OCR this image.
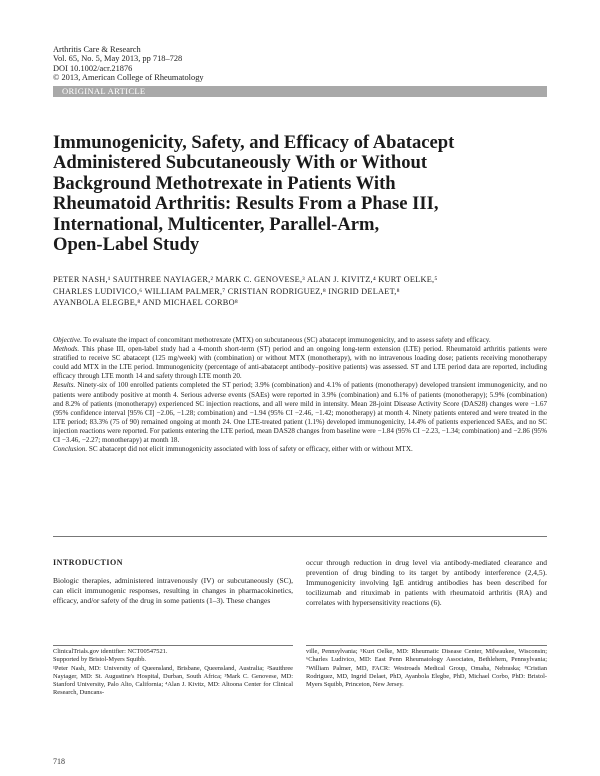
Arthritis Care & Research
Vol. 65, No. 5, May 2013, pp 718–728
DOI 10.1002/acr.21876
© 2013, American College of Rheumatology
ORIGINAL ARTICLE
Immunogenicity, Safety, and Efficacy of Abatacept
Administered Subcutaneously With or Without
Background Methotrexate in Patients With
Rheumatoid Arthritis: Results From a Phase III,
International, Multicenter, Parallel-Arm,
Open-Label Study
PETER NASH,¹ SAUITHREE NAYIAGER,² MARK C. GENOVESE,³ ALAN J. KIVITZ,⁴ KURT OELKE,⁵
CHARLES LUDIVICO,⁶ WILLIAM PALMER,⁷ CRISTIAN RODRIGUEZ,⁸ INGRID DELAET,⁸
AYANBOLA ELEGBE,⁸ AND MICHAEL CORBO⁸

Objective. To evaluate the impact of concomitant methotrexate (MTX) on subcutaneous (SC) abatacept immunogenicity, and to assess safety and efficacy.

Methods. This phase III, open-label study had a 4-month short-term (ST) period and an ongoing long-term extension (LTE) period. Rheumatoid arthritis patients were stratified to receive SC abatacept (125 mg/week) with (combination) or without MTX (monotherapy), with no intravenous loading dose; patients receiving monotherapy could add MTX in the LTE period. Immunogenicity (percentage of anti-abatacept antibody–positive patients) was assessed. ST and LTE period data are reported, including efficacy through LTE month 14 and safety through LTE month 20.

Results. Ninety-six of 100 enrolled patients completed the ST period; 3.9% (combination) and 4.1% of patients (monotherapy) developed transient immunogenicity, and no patients were antibody positive at month 4. Serious adverse events (SAEs) were reported in 3.9% (combination) and 6.1% of patients (monotherapy); 5.9% (combination) and 8.2% of patients (monotherapy) experienced SC injection reactions, and all were mild in intensity. Mean 28-joint Disease Activity Score (DAS28) changes were −1.67 (95% confidence interval [95% CI] −2.06, −1.28; combination) and −1.94 (95% CI −2.46, −1.42; monotherapy) at month 4. Ninety patients entered and were treated in the LTE period; 83.3% (75 of 90) remained ongoing at month 24. One LTE-treated patient (1.1%) developed immunogenicity, 14.4% of patients experienced SAEs, and no SC injection reactions were reported. For patients entering the LTE period, mean DAS28 changes from baseline were −1.84 (95% CI −2.23, −1.34; combination) and −2.86 (95% CI −3.46, −2.27; monotherapy) at month 18.

Conclusion. SC abatacept did not elicit immunogenicity associated with loss of safety or efficacy, either with or without MTX.

INTRODUCTION

Biologic therapies, administered intravenously (IV) or subcutaneously (SC), can elicit immunogenic responses, resulting in changes in pharmacokinetics, efficacy, and/or safety of the drug in some patients (1–3). These changes

occur through reduction in drug level via antibody-mediated clearance and prevention of drug binding to its target by antibody interference (2,4,5). Immunogenicity involving IgE antidrug antibodies has been described for tocilizumab and rituximab in patients with rheumatoid arthritis (RA) and correlates with hypersensitivity reactions (6).

ClinicalTrials.gov identifier: NCT00547521.

Supported by Bristol-Myers Squibb.

¹Peter Nash, MD: University of Queensland, Brisbane, Queensland, Australia; ²Sauithree Nayiager, MD: St. Augustine's Hospital, Durban, South Africa; ³Mark C. Genovese, MD: Stanford University, Palo Alto, California; ⁴Alan J. Kivitz, MD: Altoona Center for Clinical Research, Duncans-

ville, Pennsylvania; ⁵Kurt Oelke, MD: Rheumatic Disease Center, Milwaukee, Wisconsin; ⁶Charles Ludivico, MD: East Penn Rheumatology Associates, Bethlehem, Pennsylvania; ⁷William Palmer, MD, FACR: Westroads Medical Group, Omaha, Nebraska; ⁸Cristian Rodriguez, MD, Ingrid Delaet, PhD, Ayanbola Elegbe, PhD, Michael Corbo, PhD: Bristol-Myers Squibb, Princeton, New Jersey.

718
